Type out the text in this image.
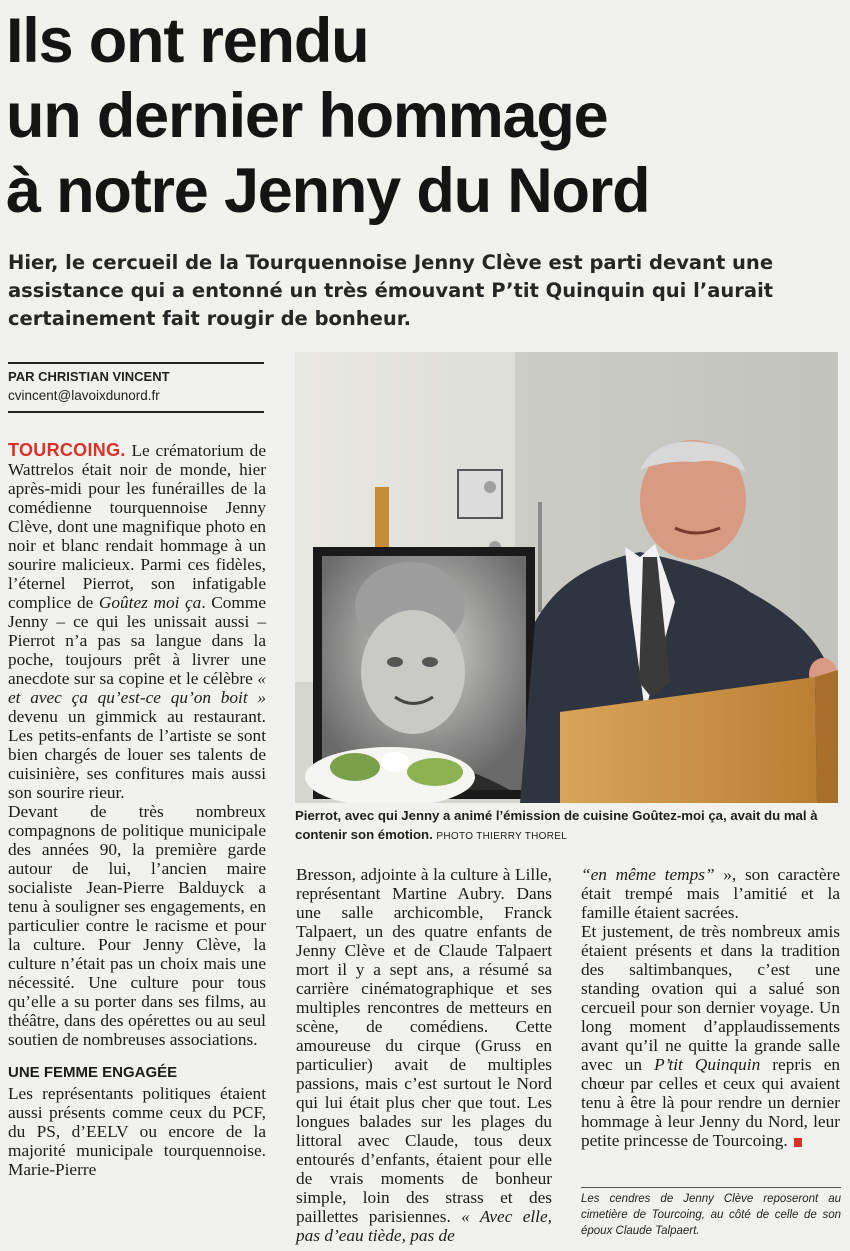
Ils ont rendu
un dernier hommage
à notre Jenny du Nord
Hier, le cercueil de la Tourquennoise Jenny Clève est parti devant une
assistance qui a entonné un très émouvant P’tit Quinquin qui l’aurait
certainement fait rougir de bonheur.
PAR CHRISTIAN VINCENT
cvincent@lavoixdunord.fr
Pierrot, avec qui Jenny a animé l’émission de cuisine Goûtez-moi ça, avait du mal à contenir son émotion. PHOTO THIERRY THOREL

TOURCOING. Le crématorium de Wattrelos était noir de monde, hier après-midi pour les funérailles de la comédienne tourquennoise Jenny Clève, dont une magnifique photo en noir et blanc rendait hommage à un sourire malicieux. Parmi ces fidèles, l’éternel Pierrot, son infatigable complice de Goûtez moi ça. Comme Jenny – ce qui les unissait aussi – Pierrot n’a pas sa langue dans la poche, toujours prêt à livrer une anecdote sur sa copine et le célèbre « et avec ça qu’est-ce qu’on boit » devenu un gimmick au restaurant. Les petits-enfants de l’artiste se sont bien chargés de louer ses talents de cuisinière, ses confitures mais aussi son sourire rieur.

Devant de très nombreux compagnons de politique municipale des années 90, la première garde autour de lui, l’ancien maire socialiste Jean-Pierre Balduyck a tenu à souligner ses engagements, en particulier contre le racisme et pour la culture. Pour Jenny Clève, la culture n’était pas un choix mais une nécessité. Une culture pour tous qu’elle a su porter dans ses films, au théâtre, dans des opérettes ou au seul soutien de nombreuses associations.

UNE FEMME ENGAGÉE

Les représentants politiques étaient aussi présents comme ceux du PCF, du PS, d’EELV ou encore de la majorité municipale tourquennoise. Marie-Pierre

Bresson, adjointe à la culture à Lille, représentant Martine Aubry. Dans une salle archicomble, Franck Talpaert, un des quatre enfants de Jenny Clève et de Claude Talpaert mort il y a sept ans, a résumé sa carrière cinématographique et ses multiples rencontres de metteurs en scène, de comédiens. Cette amoureuse du cirque (Gruss en particulier) avait de multiples passions, mais c’est surtout le Nord qui lui était plus cher que tout. Les longues balades sur les plages du littoral avec Claude, tous deux entourés d’enfants, étaient pour elle de vrais moments de bonheur simple, loin des strass et des paillettes parisiennes. « Avec elle, pas d’eau tiède, pas de

“en même temps” », son caractère était trempé mais l’amitié et la famille étaient sacrées.

Et justement, de très nombreux amis étaient présents et dans la tradition des saltimbanques, c’est une standing ovation qui a salué son cercueil pour son dernier voyage. Un long moment d’applaudissements avant qu’il ne quitte la grande salle avec un P’tit Quinquin repris en chœur par celles et ceux qui avaient tenu à être là pour rendre un dernier hommage à leur Jenny du Nord, leur petite princesse de Tourcoing.

Les cendres de Jenny Clève reposeront au cimetière de Tourcoing, au côté de celle de son époux Claude Talpaert.
